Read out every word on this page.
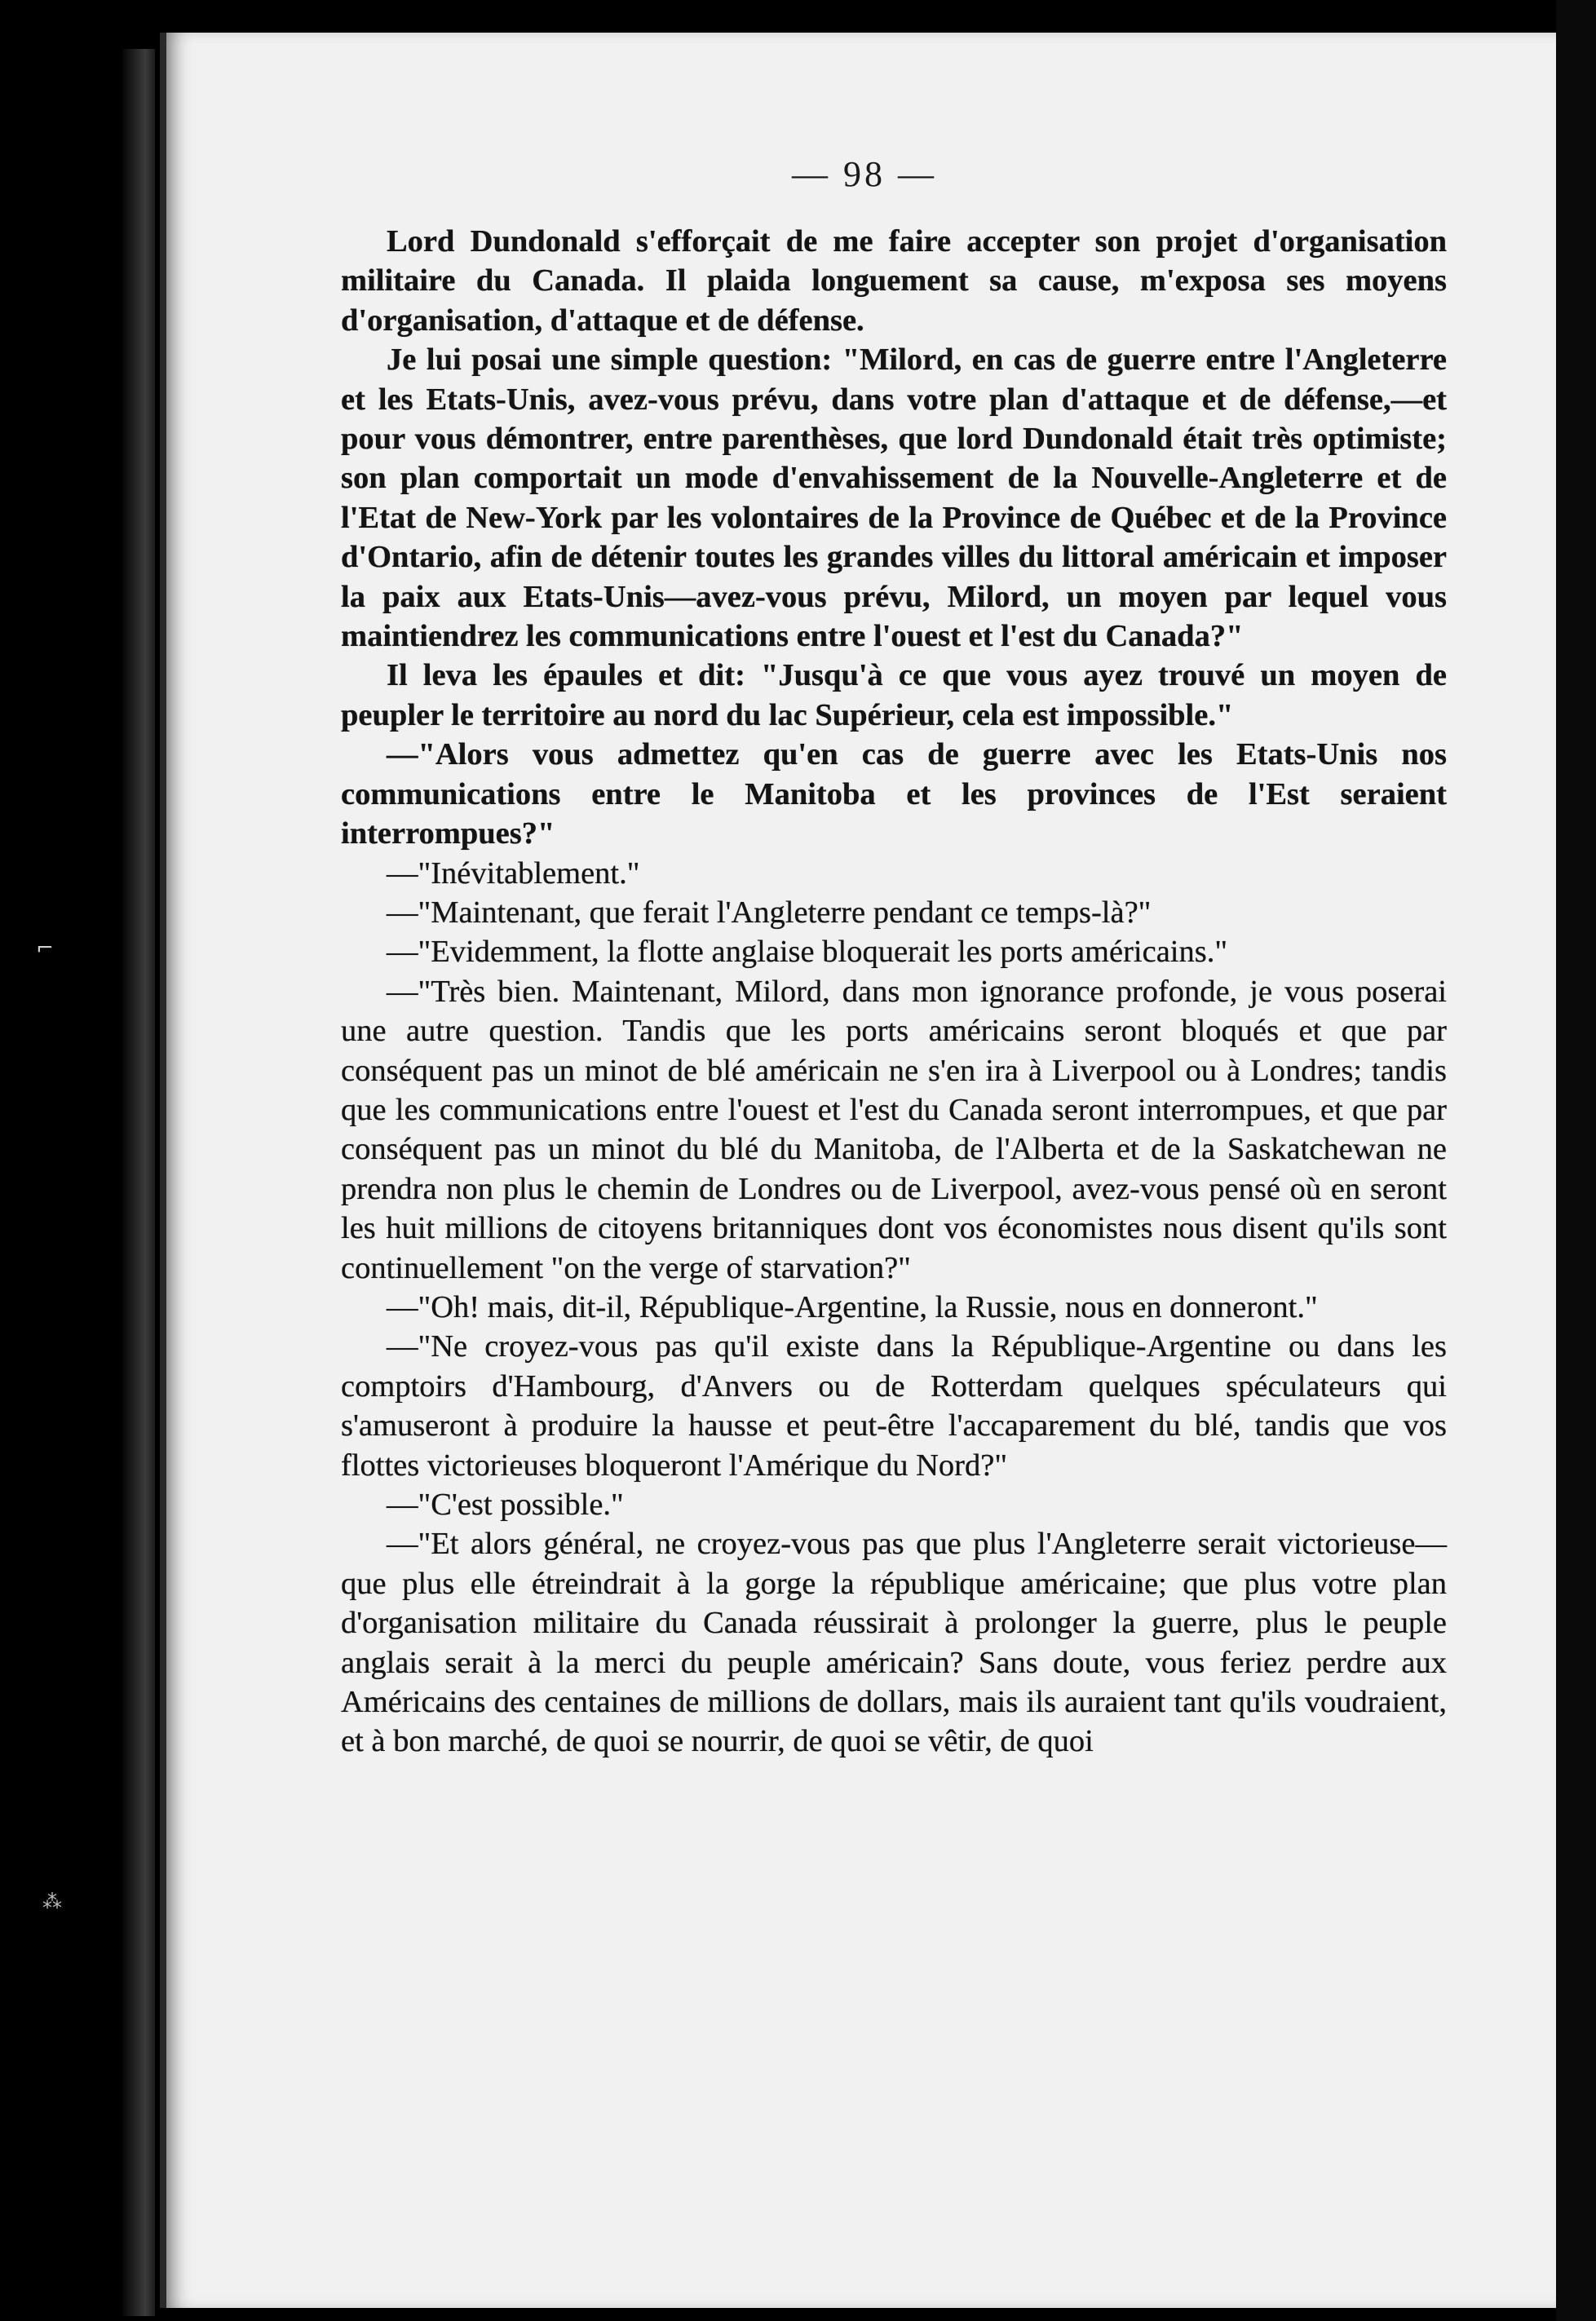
⌐
⁂
— 98 —

Lord Dundonald s'efforçait de me faire accepter son projet d'organisation militaire du Canada. Il plaida longuement sa cause, m'exposa ses moyens d'organisation, d'attaque et de défense.

Je lui posai une simple question: "Milord, en cas de guerre entre l'Angleterre et les Etats-Unis, avez-vous prévu, dans votre plan d'attaque et de défense,—et pour vous démontrer, entre parenthèses, que lord Dundonald était très optimiste; son plan comportait un mode d'envahissement de la Nouvelle-Angleterre et de l'Etat de New-York par les volontaires de la Province de Québec et de la Province d'Ontario, afin de détenir toutes les grandes villes du littoral américain et imposer la paix aux Etats-Unis—avez-vous prévu, Milord, un moyen par lequel vous maintiendrez les communications entre l'ouest et l'est du Canada?"

Il leva les épaules et dit: "Jusqu'à ce que vous ayez trouvé un moyen de peupler le territoire au nord du lac Supérieur, cela est impossible."

—"Alors vous admettez qu'en cas de guerre avec les Etats-Unis nos communications entre le Manitoba et les provinces de l'Est seraient interrompues?"

—"Inévitablement."

—"Maintenant, que ferait l'Angleterre pendant ce temps-là?"

—"Evidemment, la flotte anglaise bloquerait les ports américains."

—"Très bien. Maintenant, Milord, dans mon ignorance profonde, je vous poserai une autre question. Tandis que les ports américains seront bloqués et que par conséquent pas un minot de blé américain ne s'en ira à Liverpool ou à Londres; tandis que les communications entre l'ouest et l'est du Canada seront interrompues, et que par conséquent pas un minot du blé du Manitoba, de l'Alberta et de la Saskatchewan ne prendra non plus le chemin de Londres ou de Liverpool, avez-vous pensé où en seront les huit millions de citoyens britanniques dont vos économistes nous disent qu'ils sont continuellement "on the verge of starvation?"

—"Oh! mais, dit-il, République-Argentine, la Russie, nous en donneront."

—"Ne croyez-vous pas qu'il existe dans la République-Argentine ou dans les comptoirs d'Hambourg, d'Anvers ou de Rotterdam quelques spéculateurs qui s'amuseront à produire la hausse et peut-être l'accaparement du blé, tandis que vos flottes victorieuses bloqueront l'Amérique du Nord?"

—"C'est possible."

—"Et alors général, ne croyez-vous pas que plus l'Angleterre serait victorieuse—que plus elle étreindrait à la gorge la république américaine; que plus votre plan d'organisation militaire du Canada réussirait à prolonger la guerre, plus le peuple anglais serait à la merci du peuple américain? Sans doute, vous feriez perdre aux Américains des centaines de millions de dollars, mais ils auraient tant qu'ils voudraient, et à bon marché, de quoi se nourrir, de quoi se vêtir, de quoi
